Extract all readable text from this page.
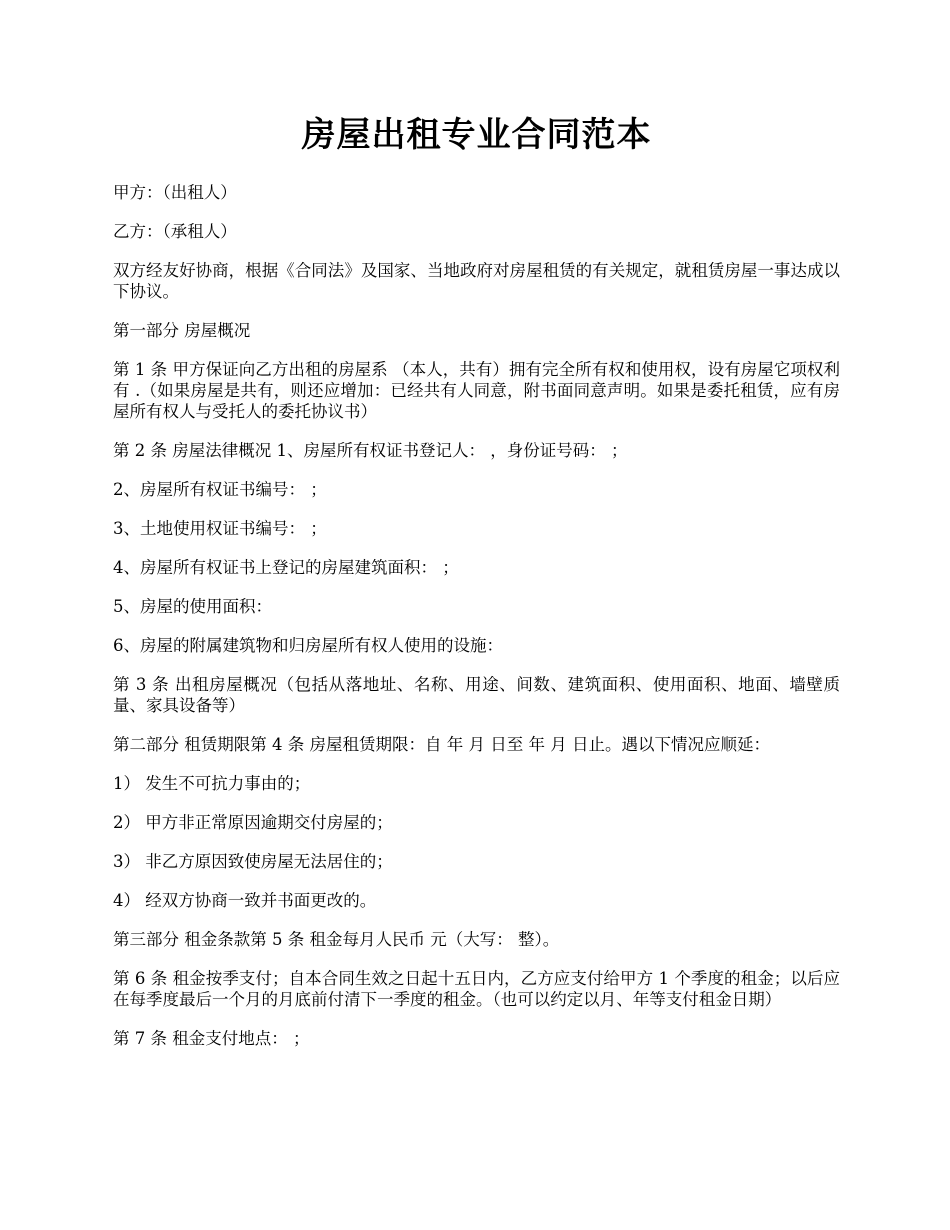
房屋出租专业合同范本

甲方：（出租人）

乙方：（承租人）

双方经友好协商，根据《合同法》及国家、当地政府对房屋租赁的有关规定，就租赁房屋一事达成以下协议。

第一部分 房屋概况

第 1 条 甲方保证向乙方出租的房屋系 （本人，共有）拥有完全所有权和使用权，设有房屋它项权利有 .（如果房屋是共有，则还应增加：已经共有人同意，附书面同意声明。如果是委托租赁，应有房屋所有权人与受托人的委托协议书）

第 2 条 房屋法律概况 1、房屋所有权证书登记人： ，身份证号码： ；

2、房屋所有权证书编号： ；

3、土地使用权证书编号： ；

4、房屋所有权证书上登记的房屋建筑面积： ；

5、房屋的使用面积：

6、房屋的附属建筑物和归房屋所有权人使用的设施：

第 3 条 出租房屋概况（包括从落地址、名称、用途、间数、建筑面积、使用面积、地面、墙壁质量、家具设备等）

第二部分 租赁期限第 4 条 房屋租赁期限：自 年 月 日至 年 月 日止。遇以下情况应顺延：

1） 发生不可抗力事由的；

2） 甲方非正常原因逾期交付房屋的；

3） 非乙方原因致使房屋无法居住的；

4） 经双方协商一致并书面更改的。

第三部分 租金条款第 5 条 租金每月人民币 元（大写： 整）。

第 6 条 租金按季支付；自本合同生效之日起十五日内，乙方应支付给甲方 1 个季度的租金；以后应在每季度最后一个月的月底前付清下一季度的租金。（也可以约定以月、年等支付租金日期）

第 7 条 租金支付地点： ；
